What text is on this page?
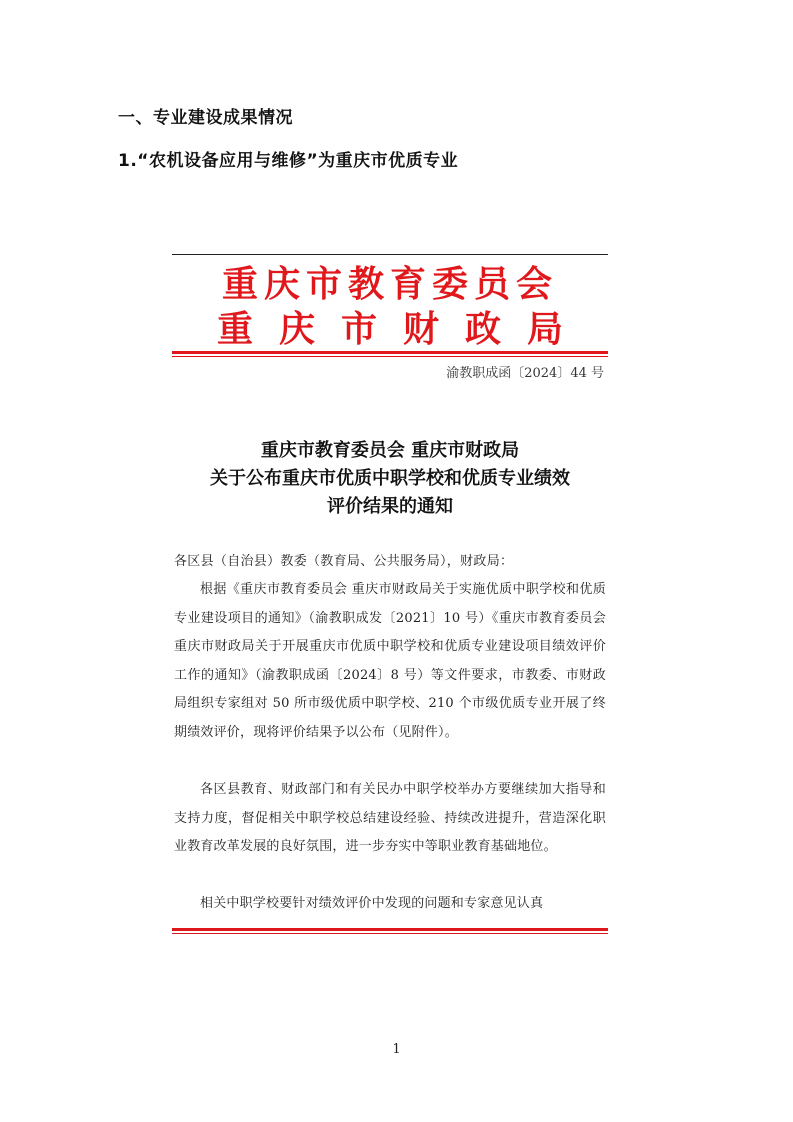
一、专业建设成果情况
1.“农机设备应用与维修”为重庆市优质专业
重庆市教育委员会
重庆市财政局
渝教职成函〔2024〕44 号
重庆市教育委员会 重庆市财政局
关于公布重庆市优质中职学校和优质专业绩效
评价结果的通知
各区县（自治县）教委（教育局、公共服务局），财政局：
根据《重庆市教育委员会 重庆市财政局关于实施优质中职学校和优质专业建设项目的通知》（渝教职成发〔2021〕10 号）《重庆市教育委员会 重庆市财政局关于开展重庆市优质中职学校和优质专业建设项目绩效评价工作的通知》（渝教职成函〔2024〕8 号）等文件要求，市教委、市财政局组织专家组对 50 所市级优质中职学校、210 个市级优质专业开展了终期绩效评价，现将评价结果予以公布（见附件）。
各区县教育、财政部门和有关民办中职学校举办方要继续加大指导和支持力度，督促相关中职学校总结建设经验、持续改进提升，营造深化职业教育改革发展的良好氛围，进一步夯实中等职业教育基础地位。
相关中职学校要针对绩效评价中发现的问题和专家意见认真
1
